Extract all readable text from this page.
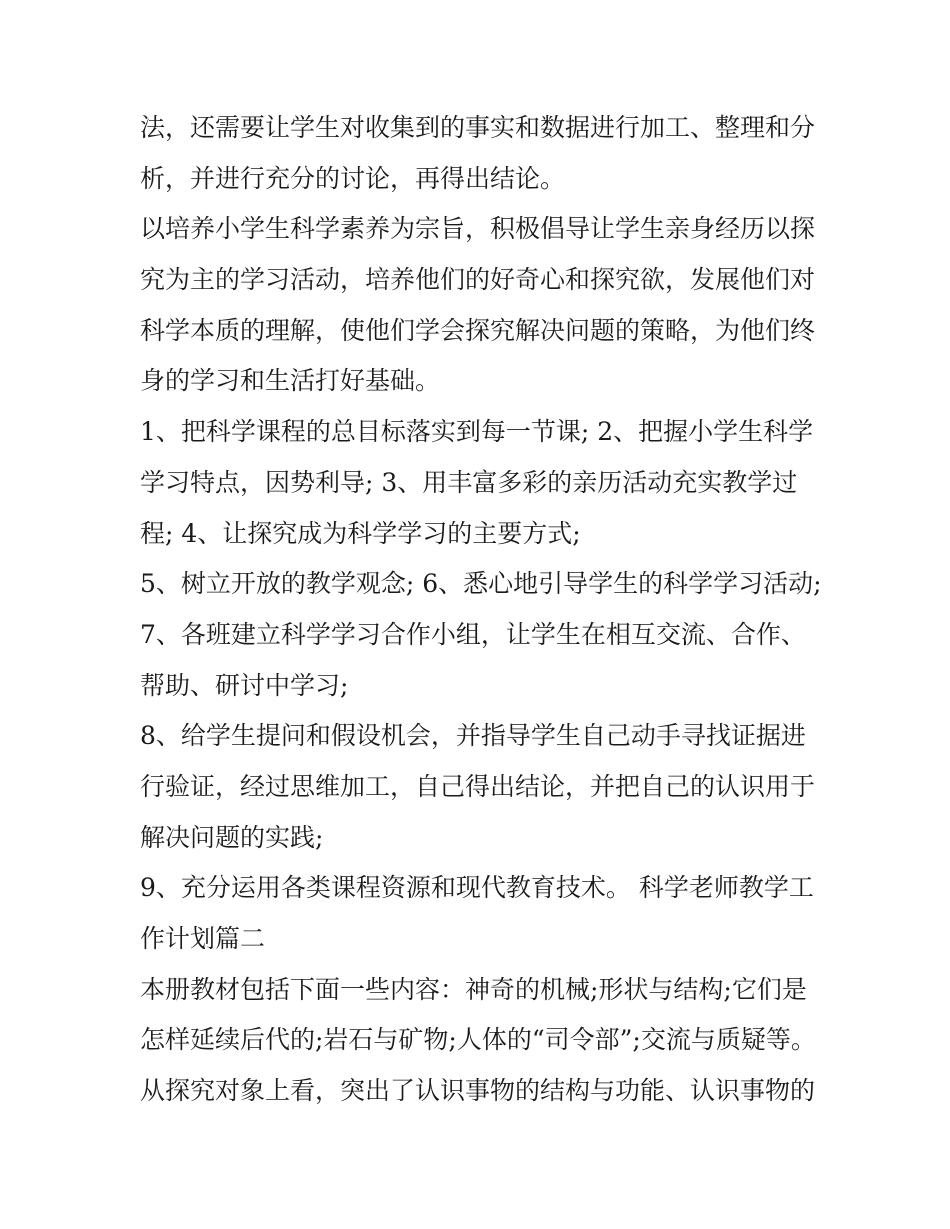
法，还需要让学生对收集到的事实和数据进行加工、整理和分
析，并进行充分的讨论，再得出结论。
以培养小学生科学素养为宗旨，积极倡导让学生亲身经历以探
究为主的学习活动，培养他们的好奇心和探究欲，发展他们对
科学本质的理解，使他们学会探究解决问题的策略，为他们终
身的学习和生活打好基础。
1、把科学课程的总目标落实到每一节课; 2、把握小学生科学
学习特点，因势利导; 3、用丰富多彩的亲历活动充实教学过
程; 4、让探究成为科学学习的主要方式;
5、树立开放的教学观念; 6、悉心地引导学生的科学学习活动;
7、各班建立科学学习合作小组，让学生在相互交流、合作、
帮助、研讨中学习;
8、给学生提问和假设机会，并指导学生自己动手寻找证据进
行验证，经过思维加工，自己得出结论，并把自己的认识用于
解决问题的实践;
9、充分运用各类课程资源和现代教育技术。 科学老师教学工
作计划篇二
本册教材包括下面一些内容：神奇的机械;形状与结构;它们是
怎样延续后代的;岩石与矿物;人体的“司令部”;交流与质疑等。
从探究对象上看，突出了认识事物的结构与功能、认识事物的
